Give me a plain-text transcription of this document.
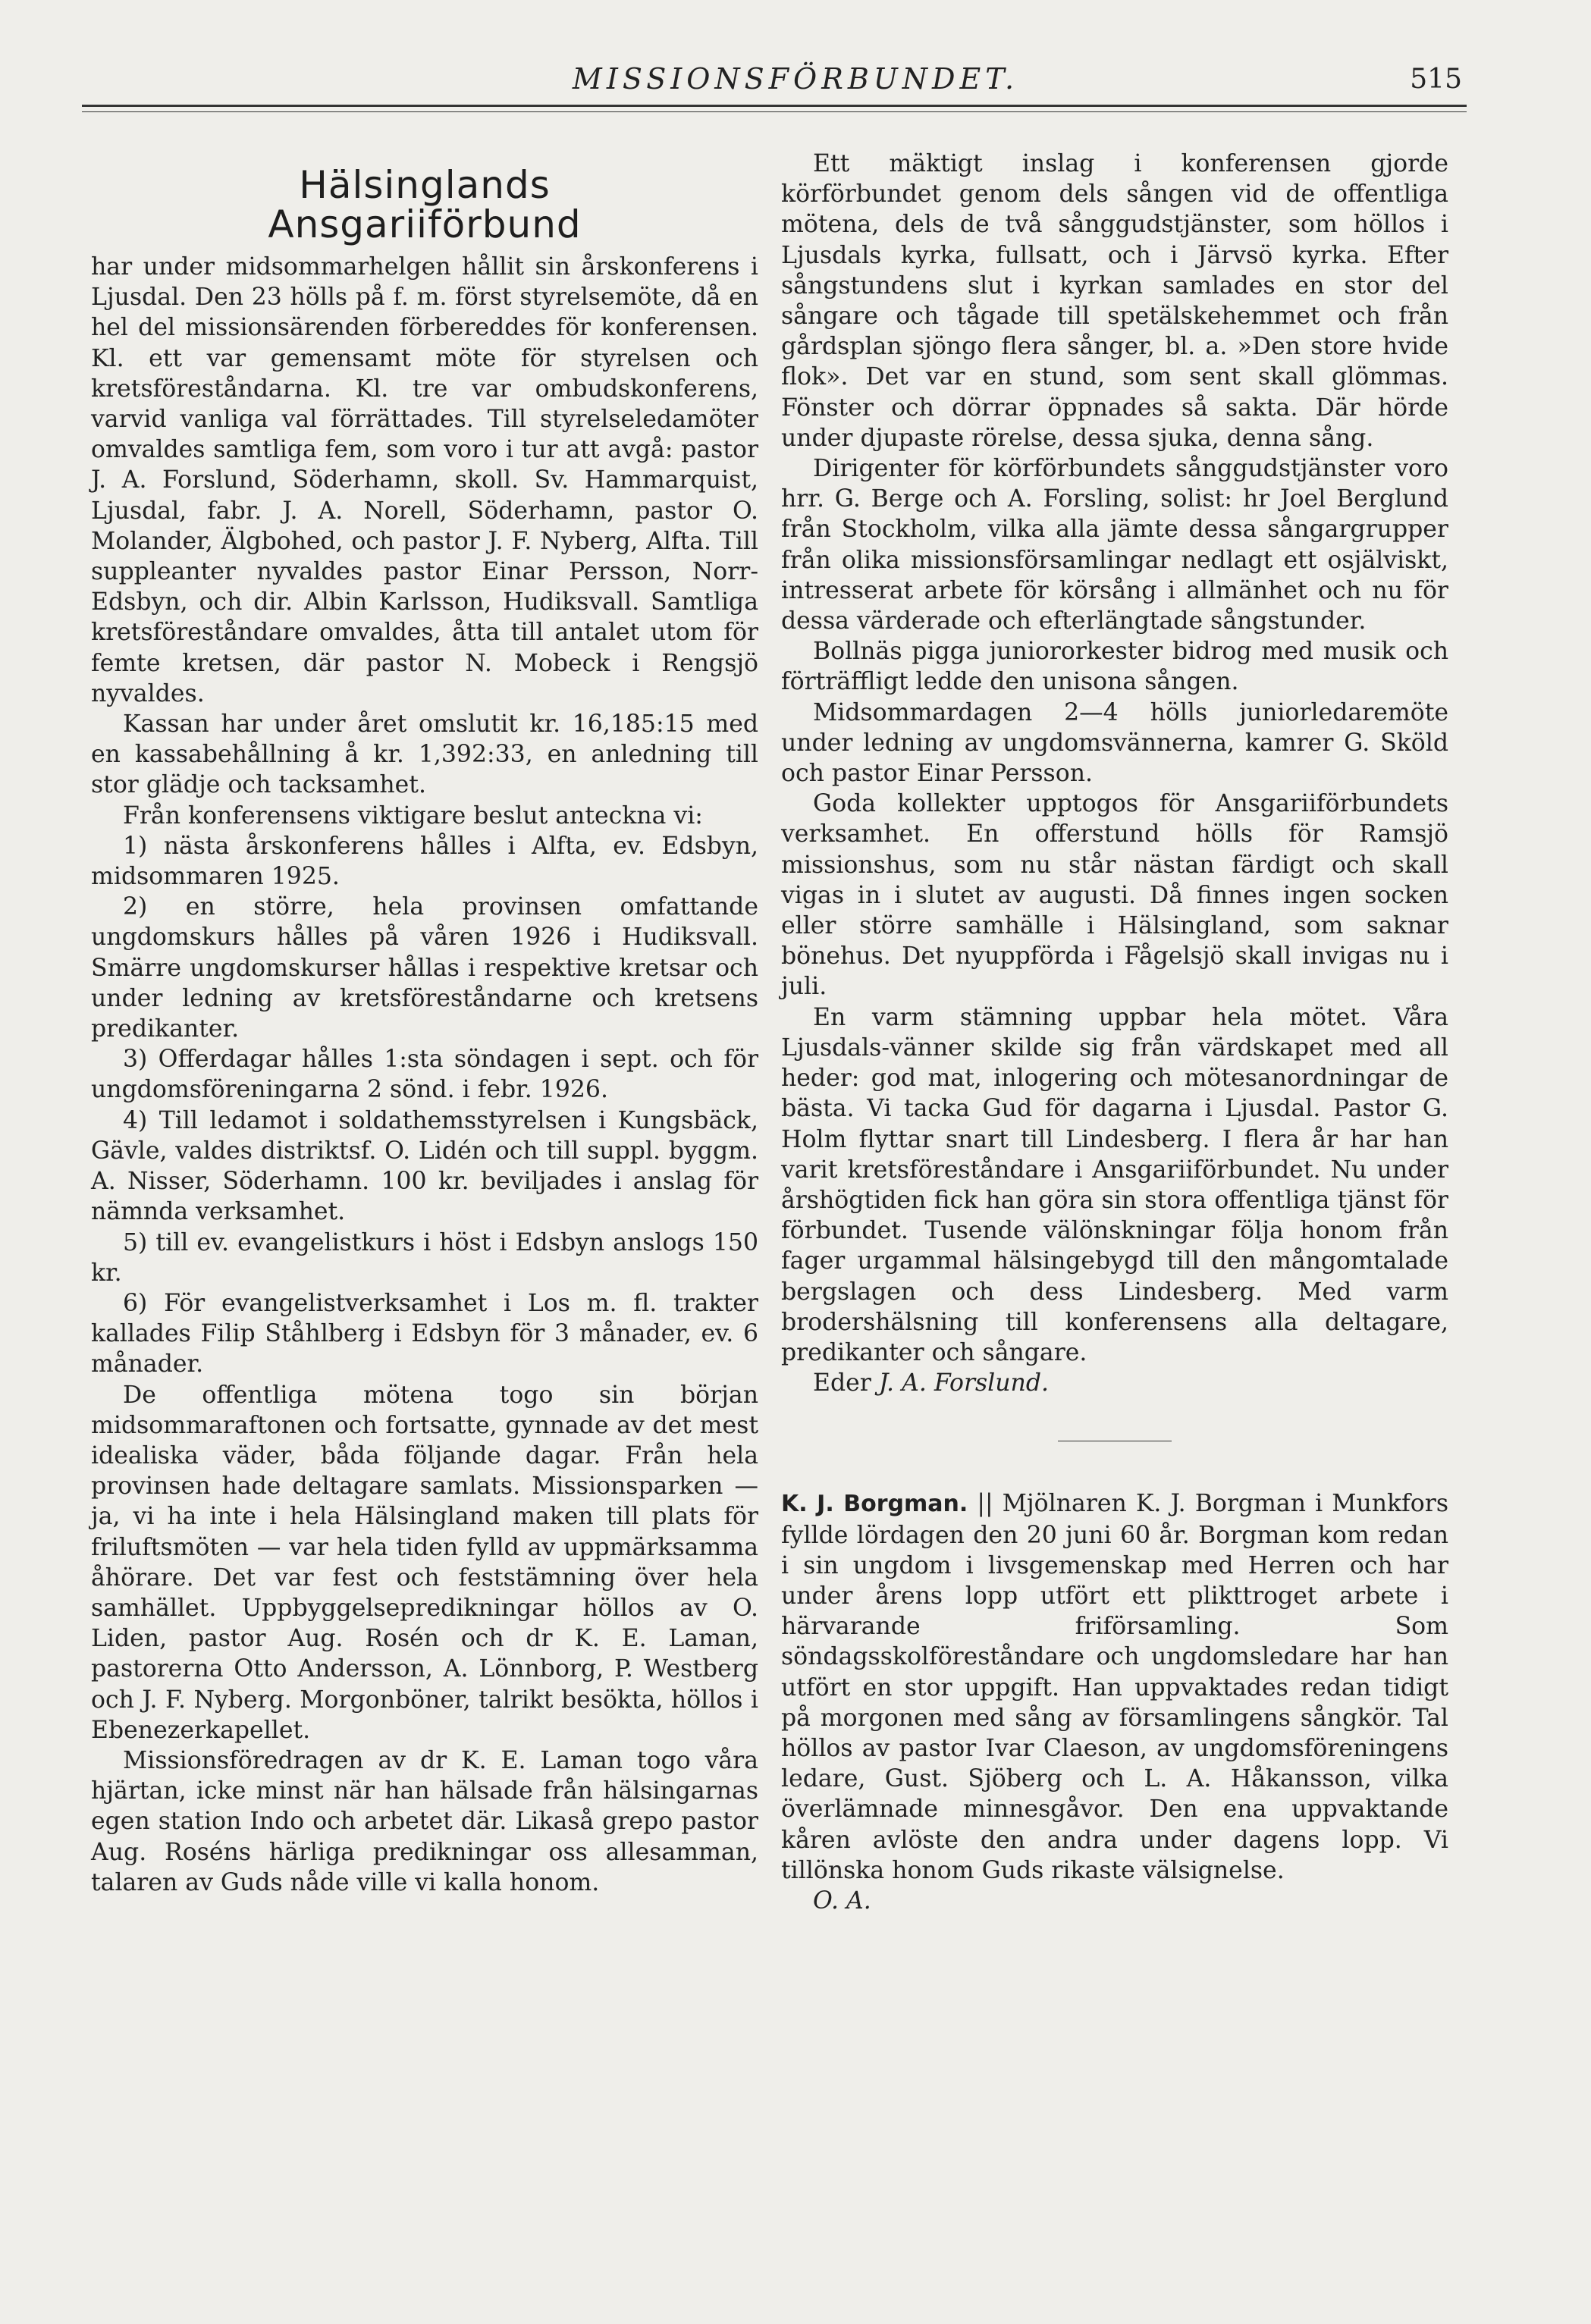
MISSIONSFÖRBUNDET.	515
Hälsinglands
Ansgariiförbund

har under midsommarhelgen hållit sin årskonferens i Ljusdal. Den 23 hölls på f. m. först styrelsemöte, då en hel del missionsärenden förbereddes för konferensen. Kl. ett var gemensamt möte för styrelsen och kretsföreståndarna. Kl. tre var ombudskonferens, varvid vanliga val förrättades. Till styrelseledamöter omvaldes samtliga fem, som voro i tur att avgå: pastor J. A. Forslund, Söderhamn, skoll. Sv. Hammarquist, Ljusdal, fabr. J. A. Norell, Söderhamn, pastor O. Molander, Älgbohed, och pastor J. F. Nyberg, Alfta. Till suppleanter nyvaldes pastor Einar Persson, Norr- Edsbyn, och dir. Albin Karlsson, Hudiksvall. Samtliga kretsföreståndare omvaldes, åtta till antalet utom för femte kretsen, där pastor N. Mobeck i Rengsjö nyvaldes.

Kassan har under året omslutit kr. 16,185:15 med en kassabehållning å kr. 1,392:33, en anledning till stor glädje och tacksamhet.

Från konferensens viktigare beslut antecknа vi:

1) nästa årskonferens hålles i Alfta, ev. Edsbyn, midsommaren 1925.

2) en större, hela provinsen omfattande ungdomskurs hålles på våren 1926 i Hudiksvall. Smärre ungdomskurser hållas i respektive kretsar och under ledning av kretsföreståndarne och kretsens predikanter.

3) Offerdagar hålles 1:sta söndagen i sept. och för ungdomsföreningarna 2 sönd. i febr. 1926.

4) Till ledamot i soldathemsstyrelsen i Kungsbäck, Gävle, valdes distriktsf. O. Lidén och till suppl. byggm. A. Nisser, Söderhamn. 100 kr. beviljades i anslag för nämnda verksamhet.

5) till ev. evangelistkurs i höst i Edsbyn anslogs 150 kr.

6) För evangelistverksamhet i Los m. fl. trakter kallades Filip Ståhlberg i Edsbyn för 3 månader, ev. 6 månader.

De offentliga mötena togo sin början midsommaraftonen och fortsatte, gynnade av det mest idealiska väder, båda följande dagar. Från hela provinsen hade deltagare samlats. Missionsparken — ja, vi ha inte i hela Hälsingland maken till plats för friluftsmöten — var hela tiden fylld av uppmärksamma åhörare. Det var fest och feststämning över hela samhället. Uppbyggelsepredikningar höllos av O. Liden, pastor Aug. Rosén och dr K. E. Laman, pastorerna Otto Andersson, A. Lönnborg, P. Westberg och J. F. Nyberg. Morgonböner, talrikt besökta, höllos i Ebenezerkapellet.

Missionsföredragen av dr K. E. Laman togo våra hjärtan, icke minst när han hälsade från hälsingarnas egen station Indo och arbetet där. Likaså grepo pastor Aug. Roséns härliga predikningar oss allesamman, talaren av Guds nåde ville vi kalla honom.

Ett mäktigt inslag i konferensen gjorde körförbundet genom dels sången vid de offentliga mötena, dels de två sånggudstjänster, som höllos i Ljusdals kyrka, fullsatt, och i Järvsö kyrka. Efter sångstundens slut i kyrkan samlades en stor del sångare och tågade till spetälskehemmet och från gårdsplan sjöngo flera sånger, bl. a. »Den store hvide flok». Det var en stund, som sent skall glömmas. Fönster och dörrar öppnades så sakta. Där hörde under djupaste rörelse, dessa sjuka, denna sång.

Dirigenter för körförbundets sånggudstjänster voro hrr. G. Berge och A. Forsling, solist: hr Joel Berglund från Stockholm, vilka alla jämte dessa sångargrupper från olika missionsförsamlingar nedlagt ett osjälviskt, intresserat arbete för körsång i allmänhet och nu för dessa värderade och efterlängtade sångstunder.

Bollnäs pigga juniororkester bidrog med musik och förträffligt ledde den unisona sången.

Midsommardagen 2—4 hölls juniorledaremöte under ledning av ungdomsvännerna, kamrer G. Sköld och pastor Einar Persson.

Goda kollekter upptogos för Ansgariiförbundets verksamhet. En offerstund hölls för Ramsjö missionshus, som nu står nästan färdigt och skall vigas in i slutet av augusti. Då finnes ingen socken eller större samhälle i Hälsingland, som saknar bönehus. Det nyuppförda i Fågelsjö skall invigas nu i juli.

En varm stämning uppbar hela mötet. Våra Ljusdals-vänner skilde sig från värdskapet med all heder: god mat, inlogering och mötesanordningar de bästa. Vi tacka Gud för dagarna i Ljusdal. Pastor G. Holm flyttar snart till Lindesberg. I flera år har han varit kretsföreståndare i Ansgariiförbundet. Nu under årshögtiden fick han göra sin stora offentliga tjänst för förbundet. Tusende välönskningar följa honom från fager urgammal hälsingebygd till den mångomtalade bergslagen och dess Lindesberg. Med varm brodershälsning till konferensens alla deltagare, predikanter och sångare.

Eder J. A. Forslund.

K. J. Borgman. || Mjölnaren K. J. Borgman i Munkfors fyllde lördagen den 20 juni 60 år. Borgman kom redan i sin ungdom i livsgemenskap med Herren och har under årens lopp utfört ett plikttroget arbete i härvarande friförsamling. Som söndagsskolföreståndare och ungdomsledare har han utfört en stor uppgift. Han uppvaktades redan tidigt på morgonen med sång av församlingens sångkör. Tal höllos av pastor Ivar Claeson, av ungdomsföreningens ledare, Gust. Sjöberg och L. A. Håkansson, vilka överlämnade minnesgåvor. Den ena uppvaktande kåren avlöste den andra under dagens lopp. Vi tillönska honom Guds rikaste välsignelse.

O. A.
